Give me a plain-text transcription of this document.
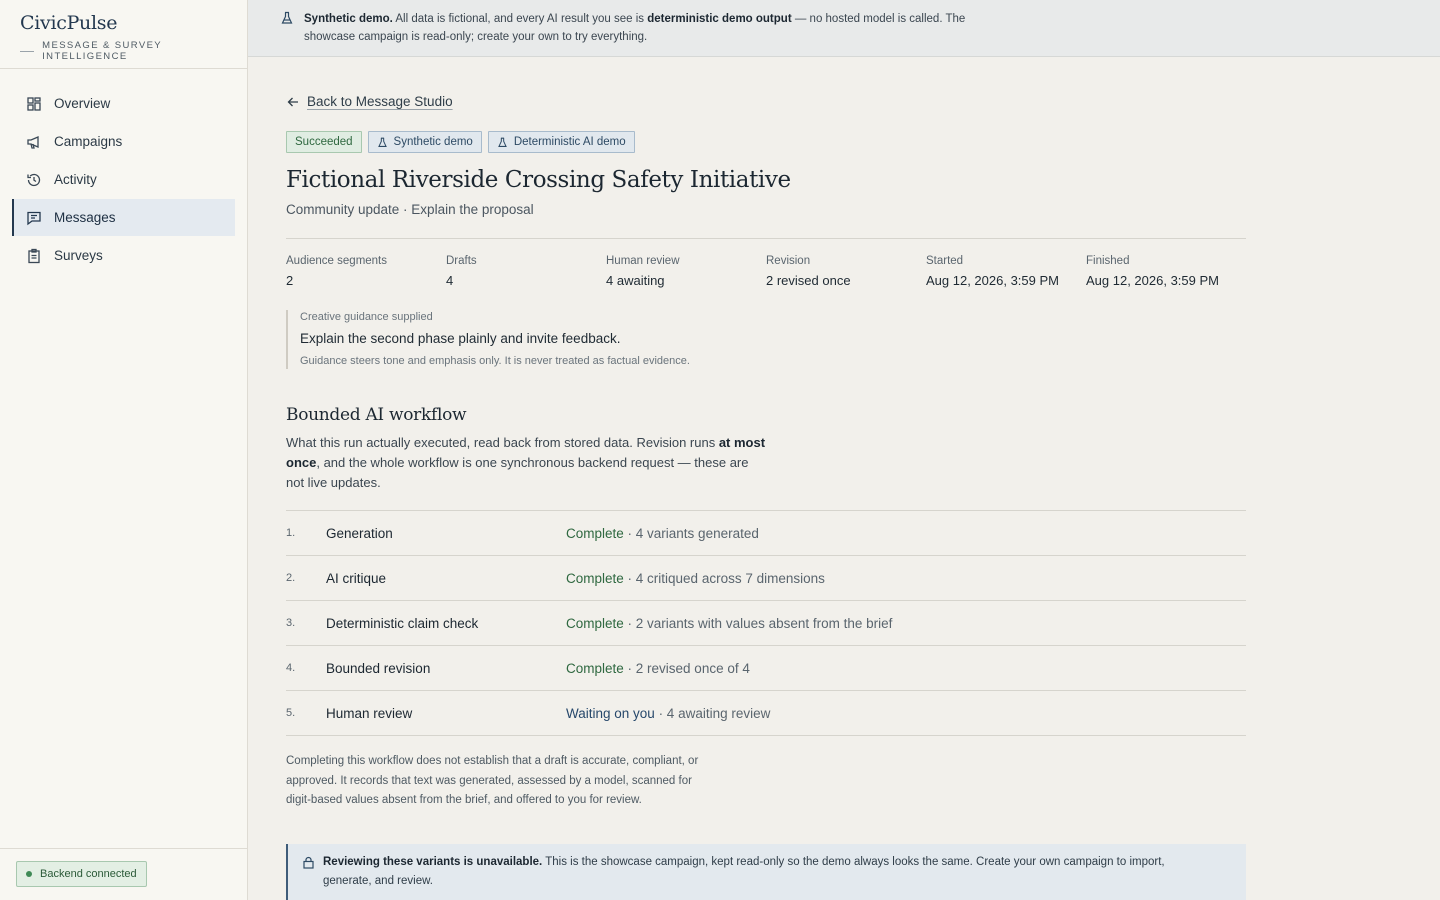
CivicPulse
MESSAGE & SURVEY INTELLIGENCE
Overview
Campaigns
Activity
Messages
Surveys
Backend connected
Synthetic demo. All data is fictional, and every AI result you see is deterministic demo output — no hosted model is called. The showcase campaign is read-only; create your own to try everything.
Back to Message Studio
Succeeded	Synthetic demo	Deterministic AI demo
Fictional Riverside Crossing Safety Initiative
Community update · Explain the proposal
Audience segments
2
Drafts
4
Human review
4 awaiting
Revision
2 revised once
Started
Aug 12, 2026, 3:59 PM
Finished
Aug 12, 2026, 3:59 PM
Creative guidance supplied
Explain the second phase plainly and invite feedback.
Guidance steers tone and emphasis only. It is never treated as factual evidence.
Bounded AI workflow
What this run actually executed, read back from stored data. Revision runs at most once, and the whole workflow is one synchronous backend request — these are not live updates.
1.	Generation	Complete · 4 variants generated
2.	AI critique	Complete · 4 critiqued across 7 dimensions
3.	Deterministic claim check	Complete · 2 variants with values absent from the brief
4.	Bounded revision	Complete · 2 revised once of 4
5.	Human review	Waiting on you · 4 awaiting review
Completing this workflow does not establish that a draft is accurate, compliant, or approved. It records that text was generated, assessed by a model, scanned for digit-based values absent from the brief, and offered to you for review.
Reviewing these variants is unavailable. This is the showcase campaign, kept read-only so the demo always looks the same. Create your own campaign to import, generate, and review.
